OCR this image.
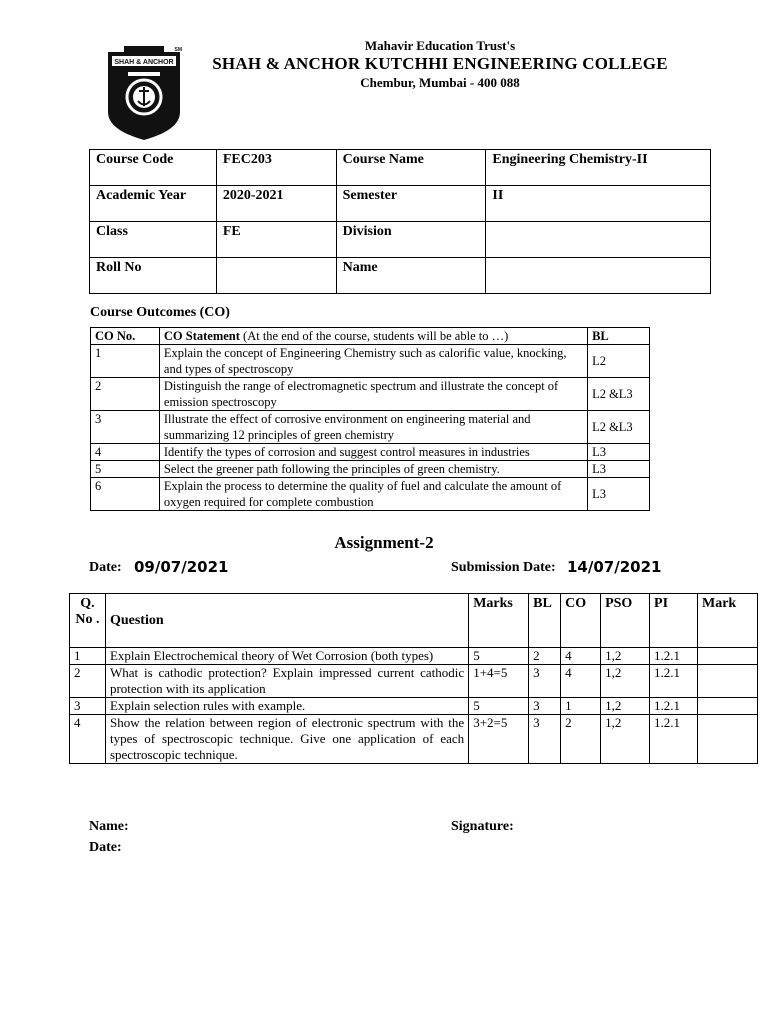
SHAH & ANCHOR
SM	Mahavir Education Trust's
SHAH & ANCHOR KUTCHHI ENGINEERING COLLEGE
Chembur, Mumbai - 400 088
Course Code	FEC203	Course Name	Engineering Chemistry-II
Academic Year	2020-2021	Semester	II
Class	FE	Division	
Roll No		Name	
Course Outcomes (CO)
CO No.	CO Statement (At the end of the course, students will be able to …)	BL
1	Explain the concept of Engineering Chemistry such as calorific value, knocking, and types of spectroscopy	L2
2	Distinguish the range of electromagnetic spectrum and illustrate the concept of emission spectroscopy	L2 &L3
3	Illustrate the effect of corrosive environment on engineering material and summarizing 12 principles of green chemistry	L2 &L3
4	Identify the types of corrosion and suggest control measures in industries	L3
5	Select the greener path following the principles of green chemistry.	L3
6	Explain the process to determine the quality of fuel and calculate the amount of oxygen required for complete combustion	L3
Assignment-2
Date: 09/07/2021	Submission Date: 14/07/2021
Q. No .	Question	Marks	BL	CO	PSO	PI	Mark
1	Explain Electrochemical theory of Wet Corrosion (both types)	5	2	4	1,2	1.2.1	
2	What is cathodic protection? Explain impressed current cathodic protection with its application	1+4=5	3	4	1,2	1.2.1	
3	Explain selection rules with example.	5	3	1	1,2	1.2.1	
4	Show the relation between region of electronic spectrum with the types of spectroscopic technique. Give one application of each spectroscopic technique.	3+2=5	3	2	1,2	1.2.1	
Name:	Signature:
Date:
